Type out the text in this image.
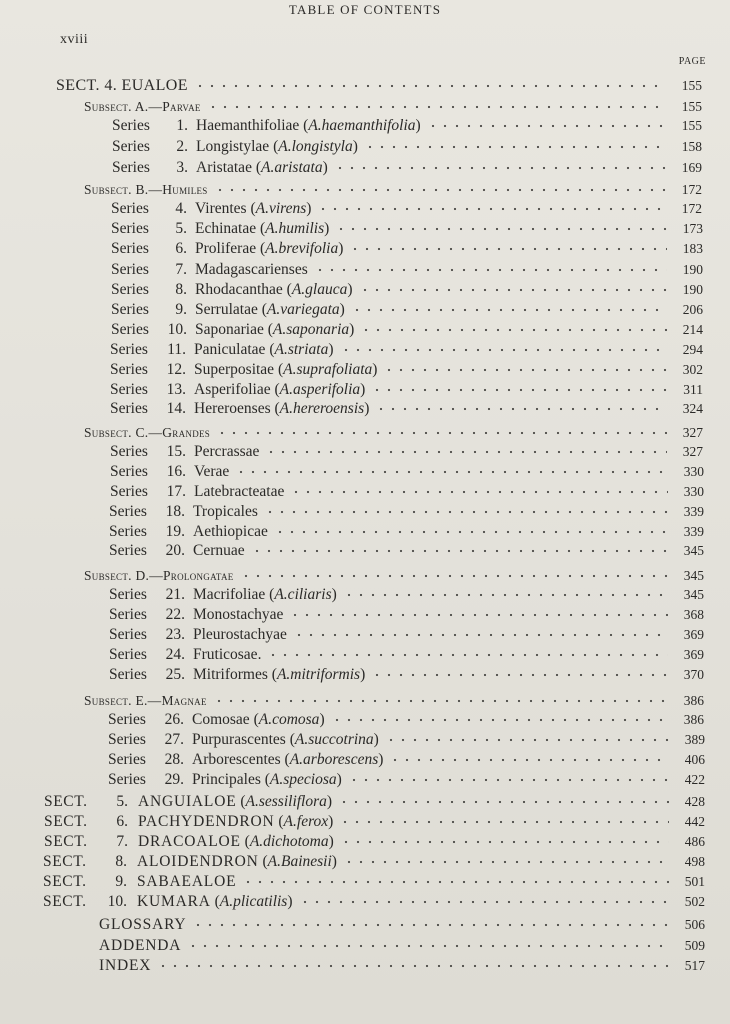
TABLE OF CONTENTS
xviii
PAGE
SECT. 4. EUALOE	155
Subsect. A.—Parvae	155
Series 1. Haemanthifoliae (A.haemanthifolia)	155
Series 2. Longistylae (A.longistyla)	158
Series 3. Aristatae (A.aristata)	169
Subsect. B.—Humiles	172
Series 4. Virentes (A.virens)	172
Series 5. Echinatae (A.humilis)	173
Series 6. Proliferae (A.brevifolia)	183
Series 7. Madagascarienses	190
Series 8. Rhodacanthae (A.glauca)	190
Series 9. Serrulatae (A.variegata)	206
Series 10. Saponariae (A.saponaria)	214
Series 11. Paniculatae (A.striata)	294
Series 12. Superpositae (A.suprafoliata)	302
Series 13. Asperifoliae (A.asperifolia)	311
Series 14. Hereroenses (A.hereroensis)	324
Subsect. C.—Grandes	327
Series 15. Percrassae	327
Series 16. Verae	330
Series 17. Latebracteatae	330
Series 18. Tropicales	339
Series 19. Aethiopicae	339
Series 20. Cernuae	345
Subsect. D.—Prolongatae	345
Series 21. Macrifoliae (A.ciliaris)	345
Series 22. Monostachyae	368
Series 23. Pleurostachyae	369
Series 24. Fruticosae.	369
Series 25. Mitriformes (A.mitriformis)	370
Subsect. E.—Magnae	386
Series 26. Comosae (A.comosa)	386
Series 27. Purpurascentes (A.succotrina)	389
Series 28. Arborescentes (A.arborescens)	406
Series 29. Principales (A.speciosa)	422
SECT. 5. ANGUIALOE (A.sessiliflora)	428
SECT. 6. PACHYDENDRON (A.ferox)	442
SECT. 7. DRACOALOE (A.dichotoma)	486
SECT. 8. ALOIDENDRON (A.Bainesii)	498
SECT. 9. SABAEALOE	501
SECT. 10. KUMARA (A.plicatilis)	502
GLOSSARY	506
ADDENDA	509
INDEX	517
